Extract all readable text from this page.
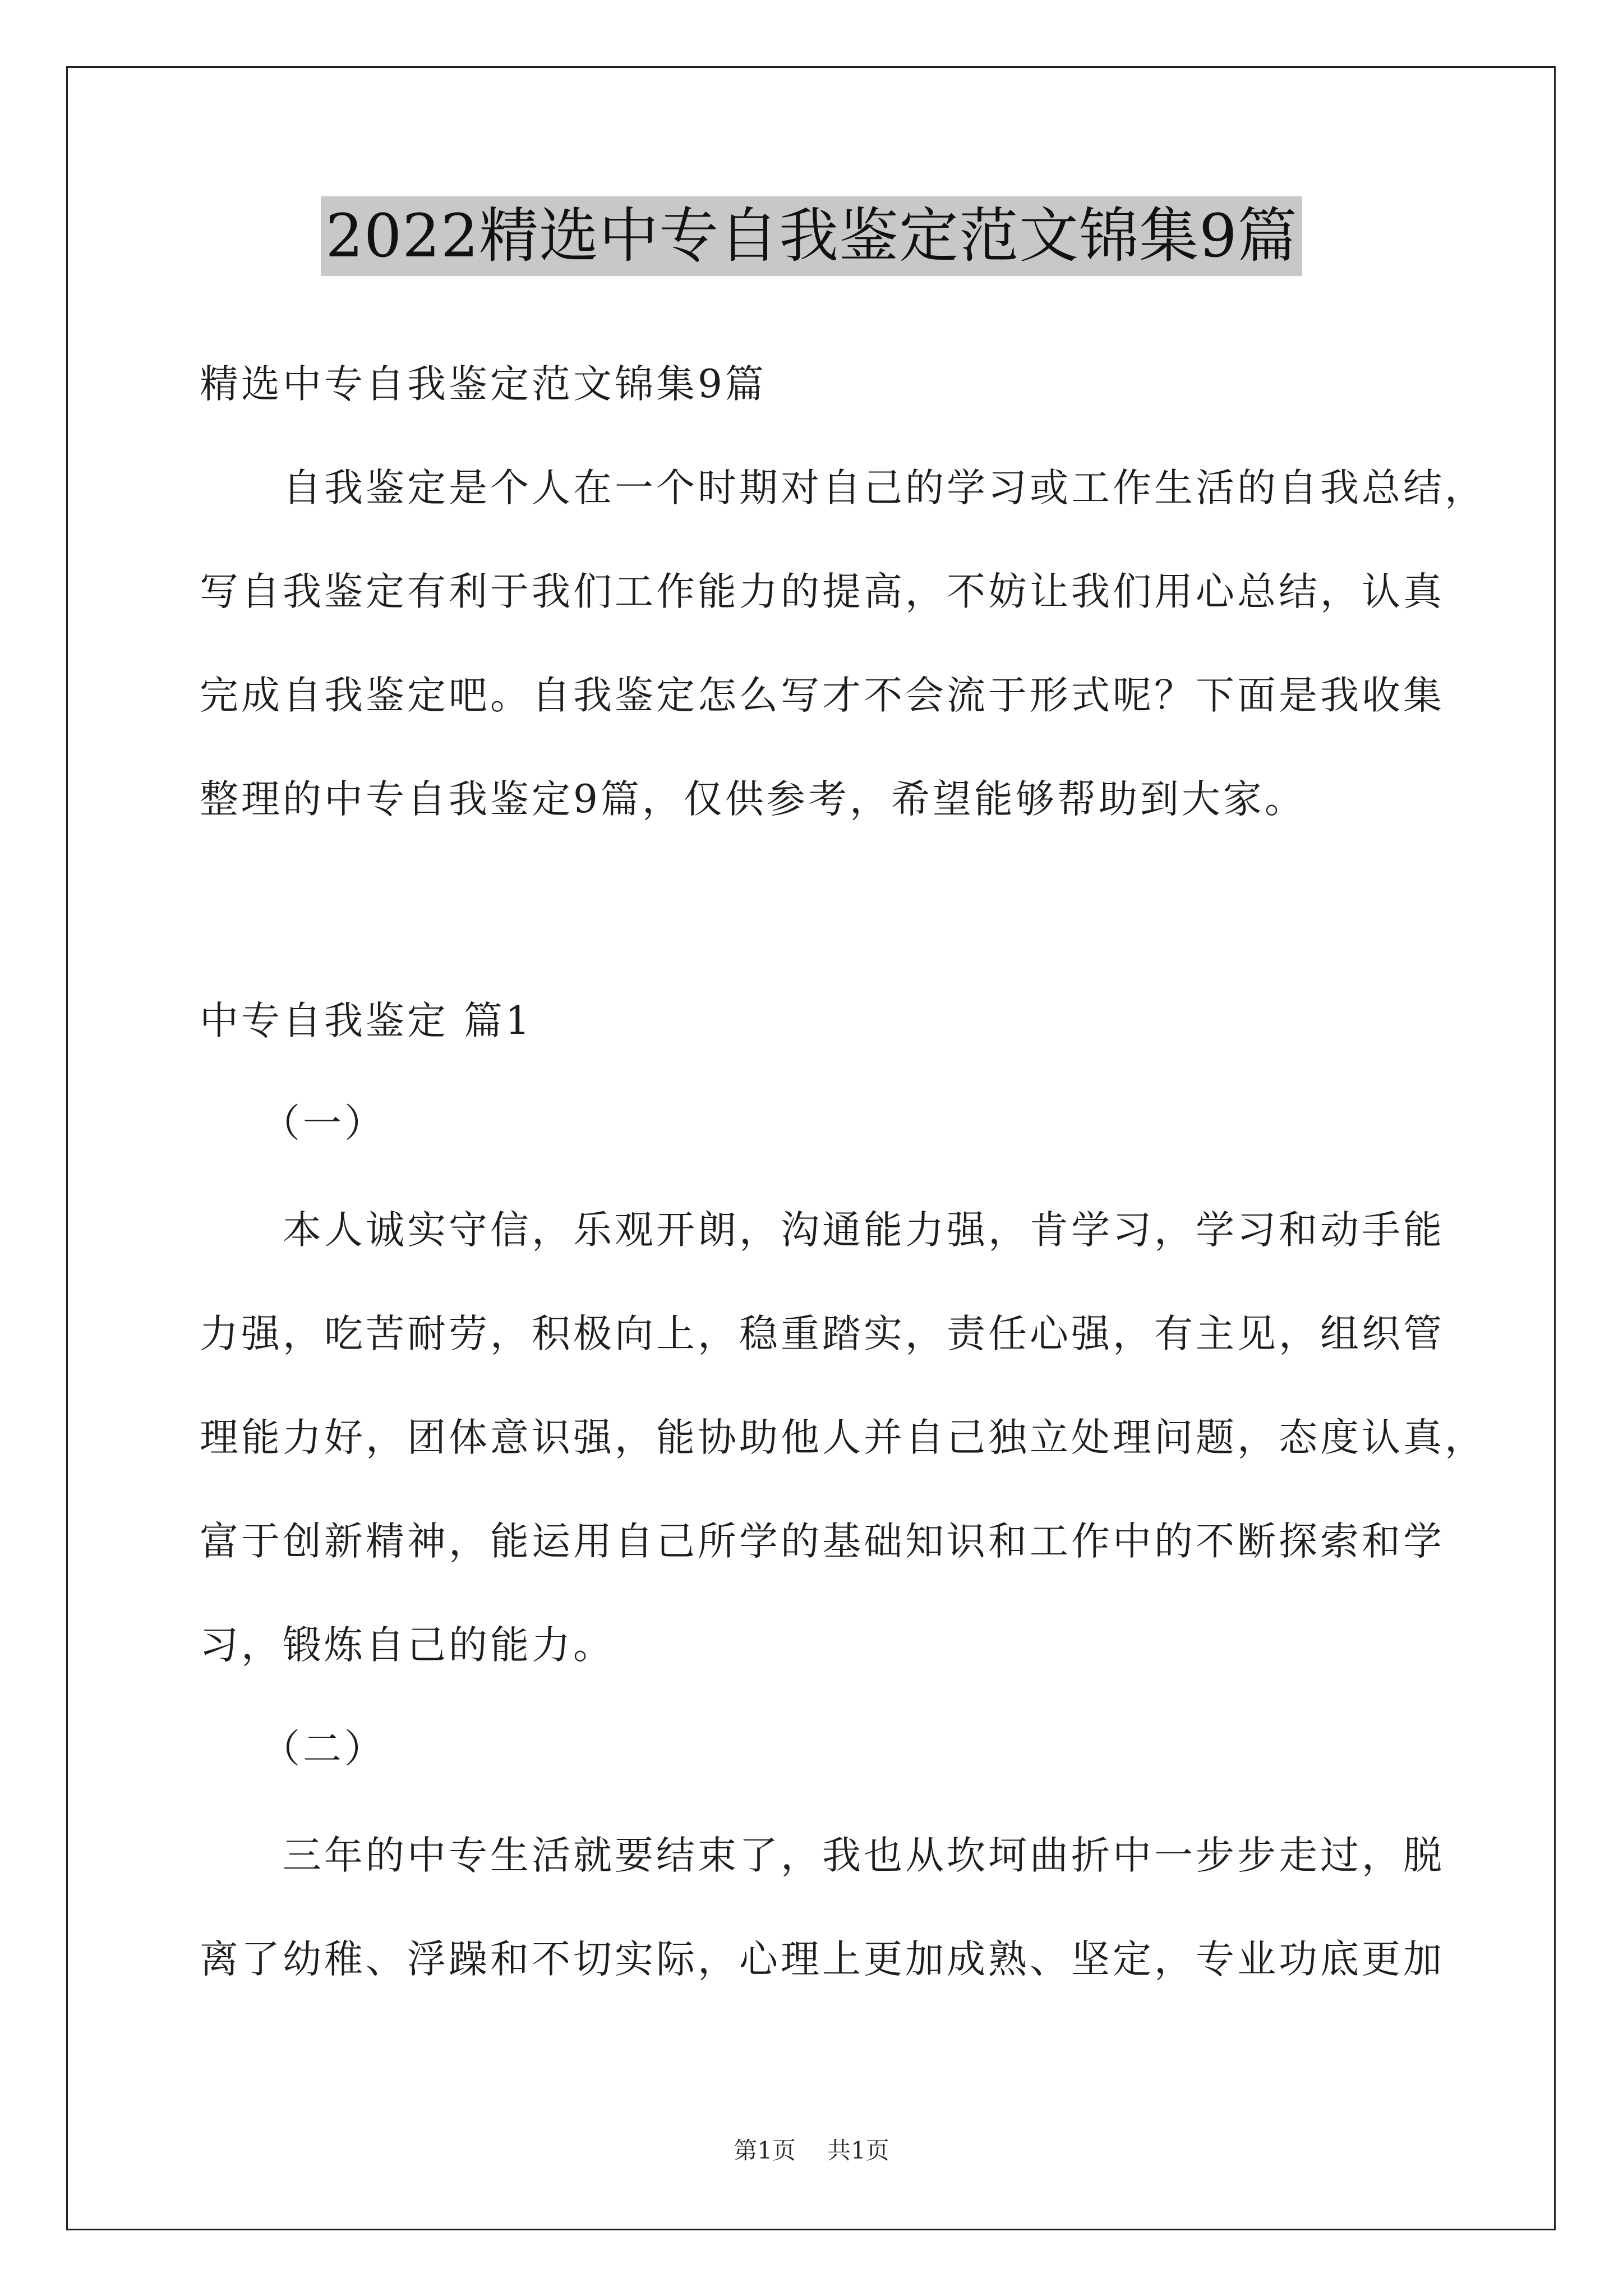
2022精选中专自我鉴定范文锦集9篇
精选中专自我鉴定范文锦集9篇
自我鉴定是个人在一个时期对自己的学习或工作生活的自我总结，
写自我鉴定有利于我们工作能力的提高，不妨让我们用心总结，认真
完成自我鉴定吧。自我鉴定怎么写才不会流于形式呢？下面是我收集
整理的中专自我鉴定9篇，仅供参考，希望能够帮助到大家。
中专自我鉴定 篇1
（一）
本人诚实守信，乐观开朗，沟通能力强，肯学习，学习和动手能
力强，吃苦耐劳，积极向上，稳重踏实，责任心强，有主见，组织管
理能力好，团体意识强，能协助他人并自己独立处理问题，态度认真，
富于创新精神，能运用自己所学的基础知识和工作中的不断探索和学
习，锻炼自己的能力。
（二）
三年的中专生活就要结束了，我也从坎坷曲折中一步步走过，脱
离了幼稚、浮躁和不切实际，心理上更加成熟、坚定，专业功底更加
第1页 共1页
